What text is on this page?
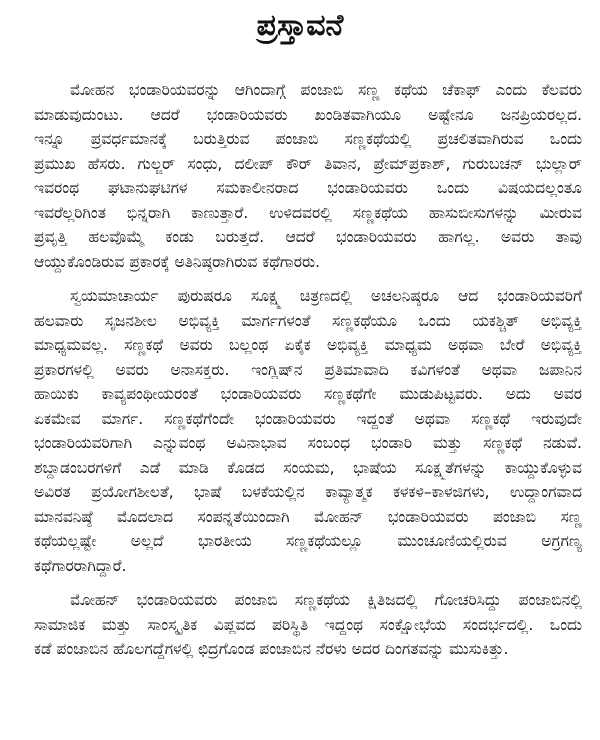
ಪ್ರಸ್ತಾವನೆ
ಮೋಹನ ಭಂಡಾರಿಯವರನ್ನು ಆಗಿಂದಾಗ್ಗೆ ಪಂಜಾಬಿ ಸಣ್ಣ ಕಥೆಯ ಚೆಕಾಫ್ ಎಂದು ಕೆಲವರು
ಮಾಡುವುದುಂಟು. ಆದರೆ ಭಂಡಾರಿಯವರು ಖಂಡಿತವಾಗಿಯೂ ಅಷ್ಟೇನೂ ಜನಪ್ರಿಯರಲ್ಲದ.
ಇನ್ನೂ ಪ್ರವರ್ಧಮಾನಕ್ಕೆ ಬರುತ್ತಿರುವ ಪಂಜಾಬಿ ಸಣ್ಣಕಥೆಯಲ್ಲಿ ಪ್ರಚಲಿತವಾಗಿರುವ ಒಂದು
ಪ್ರಮುಖ ಹೆಸರು. ಗುಲ್ಜರ್ ಸಂಧು, ದಲೀಪ್ ಕೌರ್ ತಿವಾನ, ಪ್ರೇಮ್‌ಪ್ರಕಾಶ್, ಗುರುಬಚನ್ ಭುಲ್ಲಾರ್
ಇವರಂಥ ಘಟಾನುಘಟಿಗಳ ಸಮಕಾಲೀನರಾದ ಭಂಡಾರಿಯವರು ಒಂದು ವಿಷಯದಲ್ಲಂತೂ
ಇವರೆಲ್ಲರಿಗಿಂತ ಭಿನ್ನರಾಗಿ ಕಾಣುತ್ತಾರೆ. ಉಳಿದವರಲ್ಲಿ ಸಣ್ಣಕಥೆಯ ಹಾಸುಬೀಸುಗಳನ್ನು ಮೀರುವ
ಪ್ರವೃತ್ತಿ ಹಲವೊಮ್ಮೆ ಕಂಡು ಬರುತ್ತದೆ. ಆದರೆ ಭಂಡಾರಿಯವರು ಹಾಗಲ್ಲ. ಅವರು ತಾವು
ಆಯ್ದುಕೊಂಡಿರುವ ಪ್ರಕಾರಕ್ಕೆ ಅತಿನಿಷ್ಠರಾಗಿರುವ ಕಥೆಗಾರರು.
ಸ್ವಯಮಾಚಾರ್ಯ ಪುರುಷರೂ ಸೂಕ್ಷ್ಮ ಚಿತ್ರಣದಲ್ಲಿ ಅಚಲನಿಷ್ಠರೂ ಆದ ಭಂಡಾರಿಯವರಿಗೆ
ಹಲವಾರು ಸೃಜನಶೀಲ ಅಭಿವ್ಯಕ್ತಿ ಮಾರ್ಗಗಳಂತೆ ಸಣ್ಣಕಥೆಯೂ ಒಂದು ಯಕಶ್ಚಿತ್ ಅಭಿವ್ಯಕ್ತಿ
ಮಾಧ್ಯಮವಲ್ಲ. ಸಣ್ಣಕಥೆ ಅವರು ಬಲ್ಲಂಥ ಏಕೈಕ ಅಭಿವ್ಯಕ್ತಿ ಮಾಧ್ಯಮ ಅಥವಾ ಬೇರೆ ಅಭಿವ್ಯಕ್ತಿ
ಪ್ರಕಾರಗಳಲ್ಲಿ ಅವರು ಅನಾಸಕ್ತರು. ಇಂಗ್ಲಿಷ್‌ನ ಪ್ರತಿಮಾವಾದಿ ಕವಿಗಳಂತೆ ಅಥವಾ ಜಪಾನಿನ
ಹಾಯಿಕು ಕಾವ್ಯಪಂಥೀಯರಂತೆ ಭಂಡಾರಿಯವರು ಸಣ್ಣಕಥೆಗೇ ಮುಡುಪಿಟ್ಟವರು. ಅದು ಅವರ
ಏಕಮೇವ ಮಾರ್ಗ. ಸಣ್ಣಕಥೆಗೆಂದೇ ಭಂಡಾರಿಯವರು ಇದ್ದಂತೆ ಅಥವಾ ಸಣ್ಣಕಥೆ ಇರುವುದೇ
ಭಂಡಾರಿಯವರಿಗಾಗಿ ಎನ್ನುವಂಥ ಅವಿನಾಭಾವ ಸಂಬಂಧ ಭಂಡಾರಿ ಮತ್ತು ಸಣ್ಣಕಥೆ ನಡುವೆ.
ಶಬ್ದಾಡಂಬರಗಳಿಗೆ ಎಡೆ ಮಾಡಿ ಕೊಡದ ಸಂಯಮ, ಭಾಷೆಯ ಸೂಕ್ಷ್ಮತೆಗಳನ್ನು ಕಾಯ್ದುಕೊಳ್ಳುವ
ಅವಿರತ ಪ್ರಯೋಗಶೀಲತೆ, ಭಾಷೆ ಬಳಕೆಯಲ್ಲಿನ ಕಾವ್ಯಾತ್ಮಕ ಕಳಕಳಿ–ಕಾಳಜಿಗಳು, ಉದ್ದಾಂಗವಾದ
ಮಾನವನಿಷ್ಠೆ ಮೊದಲಾದ ಸಂಪನ್ನತೆಯಿಂದಾಗಿ ಮೋಹನ್ ಭಂಡಾರಿಯವರು ಪಂಜಾಬಿ ಸಣ್ಣ
ಕಥೆಯಲ್ಲಷ್ಟೇ ಅಲ್ಲದೆ ಭಾರತೀಯ ಸಣ್ಣಕಥೆಯಲ್ಲೂ ಮುಂಚೂಣಿಯಲ್ಲಿರುವ ಅಗ್ರಗಣ್ಯ
ಕಥೆಗಾರರಾಗಿದ್ದಾರೆ.
ಮೋಹನ್ ಭಂಡಾರಿಯವರು ಪಂಜಾಬಿ ಸಣ್ಣಕಥೆಯ ಕ್ಷಿತಿಜದಲ್ಲಿ ಗೋಚರಿಸಿದ್ದು ಪಂಜಾಬಿನಲ್ಲಿ
ಸಾಮಾಜಿಕ ಮತ್ತು ಸಾಂಸ್ಕೃತಿಕ ವಿಪ್ಲವದ ಪರಿಸ್ಥಿತಿ ಇದ್ದಂಥ ಸಂಕ್ಷೋಭೆಯ ಸಂದರ್ಭದಲ್ಲಿ. ಒಂದು
ಕಡೆ ಪಂಜಾಬಿನ ಹೊಲಗದ್ದೆಗಳಲ್ಲಿ ಛಿದ್ರಗೊಂಡ ಪಂಜಾಬಿನ ನೆರಳು ಅದರ ದಿಂಗತವನ್ನು ಮುಸುಕಿತ್ತು.
